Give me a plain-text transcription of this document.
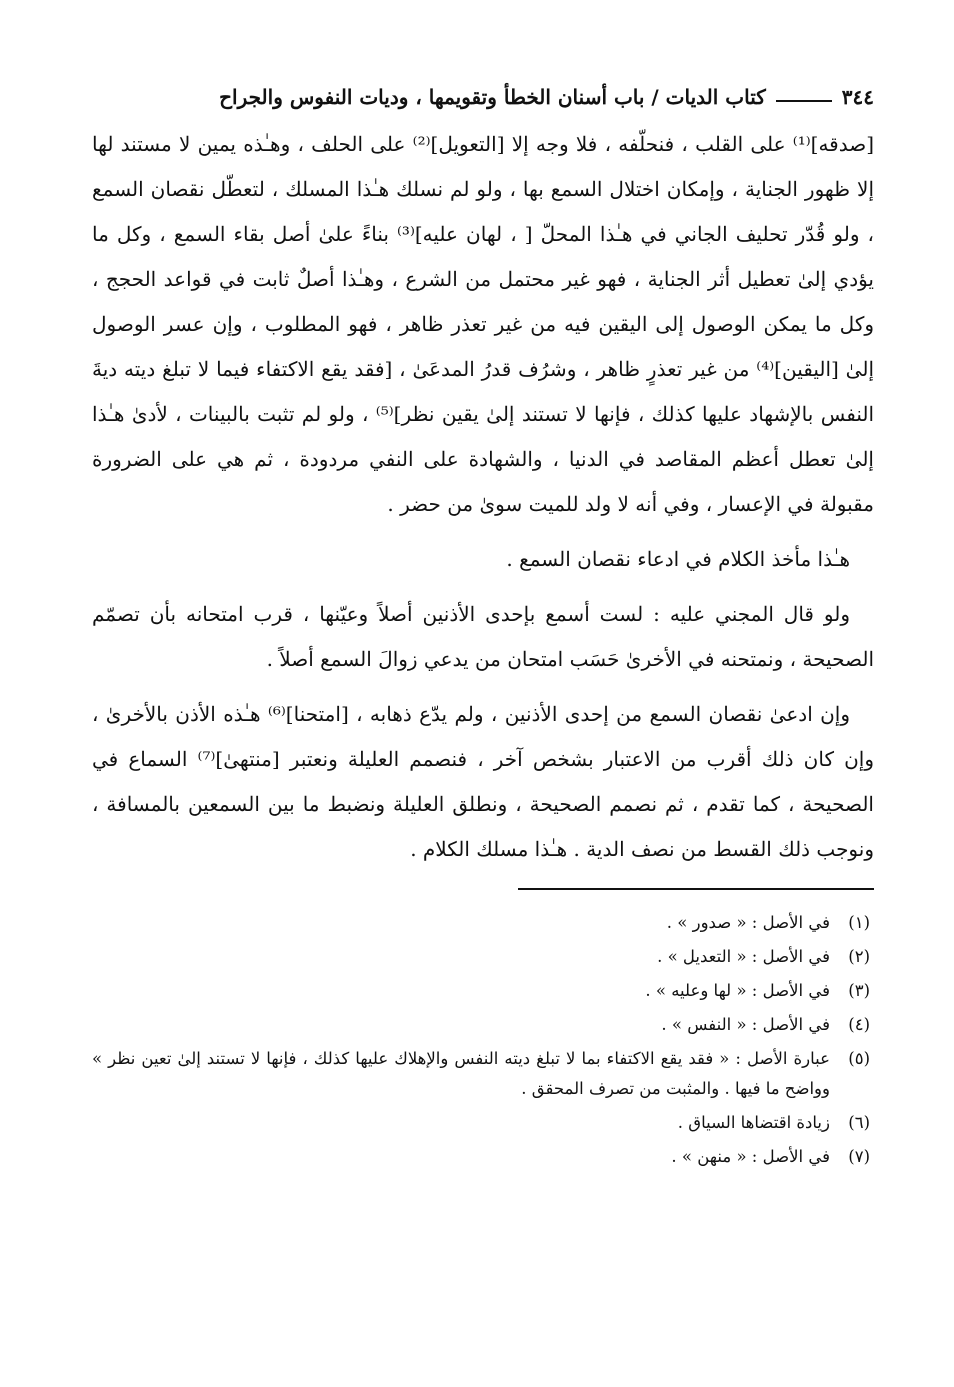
٣٤٤
كتاب الديات / باب أسنان الخطأ وتقويمها ، وديات النفوس والجراح

[صدقه]⁽¹⁾ على القلب ، فنحلّفه ، فلا وجه إلا [التعويل]⁽²⁾ على الحلف ، وهـٰذه يمين لا مستند لها إلا ظهور الجناية ، وإمكان اختلال السمع بها ، ولو لم نسلك هـٰذا المسلك ، لتعطّل نقصان السمع ، ولو قُدّر تحليف الجاني في هـٰذا المحلّ [ ، لهان عليه]⁽³⁾ بناءً علىٰ أصل بقاء السمع ، وكل ما يؤدي إلىٰ تعطيل أثر الجناية ، فهو غير محتمل من الشرع ، وهـٰذا أصلٌ ثابت في قواعد الحجج ، وكل ما يمكن الوصول إلى اليقين فيه من غير تعذر ظاهر ، فهو المطلوب ، وإن عسر الوصول إلىٰ [اليقين]⁽⁴⁾ من غير تعذرٍ ظاهر ، وشرُف قدرُ المدعَىٰ ، [فقد يقع الاكتفاء فيما لا تبلغ ديته ديةَ النفس بالإشهاد عليها كذلك ، فإنها لا تستند إلىٰ يقين نظر]⁽⁵⁾ ، ولو لم تثبت بالبينات ، لأدىٰ هـٰذا إلىٰ تعطل أعظم المقاصد في الدنيا ، والشهادة على النفي مردودة ، ثم هي على الضرورة مقبولة في الإعسار ، وفي أنه لا ولد للميت سوىٰ من حضر .

هـٰذا مأخذ الكلام في ادعاء نقصان السمع .

ولو قال المجني عليه : لست أسمع بإحدى الأذنين أصلاً وعيّنها ، قرب امتحانه بأن تصمّم الصحيحة ، ونمتحنه في الأخرىٰ حَسَب امتحان من يدعي زوالَ السمع أصلاً .

وإن ادعىٰ نقصان السمع من إحدى الأذنين ، ولم يدّع ذهابه ، [امتحنا]⁽⁶⁾ هـٰذه الأذن بالأخرىٰ ، وإن كان ذلك أقرب من الاعتبار بشخص آخر ، فنصمم العليلة ونعتبر [منتهىٰ]⁽⁷⁾ السماع في الصحيحة ، كما تقدم ، ثم نصمم الصحيحة ، ونطلق العليلة ونضبط ما بين السمعين بالمسافة ، ونوجب ذلك القسط من نصف الدية . هـٰذا مسلك الكلام .

(١)
في الأصل : « صدور » .
(٢)
في الأصل : « التعديل » .
(٣)
في الأصل : « لها وعليه » .
(٤)
في الأصل : « النفس » .
(٥)
عبارة الأصل : « فقد يقع الاكتفاء بما لا تبلغ ديته النفس والإهلاك عليها كذلك ، فإنها لا تستند إلىٰ تعين نظر » وواضح ما فيها . والمثبت من تصرف المحقق .
(٦)
زيادة اقتضاها السياق .
(٧)
في الأصل : « منهن » .
